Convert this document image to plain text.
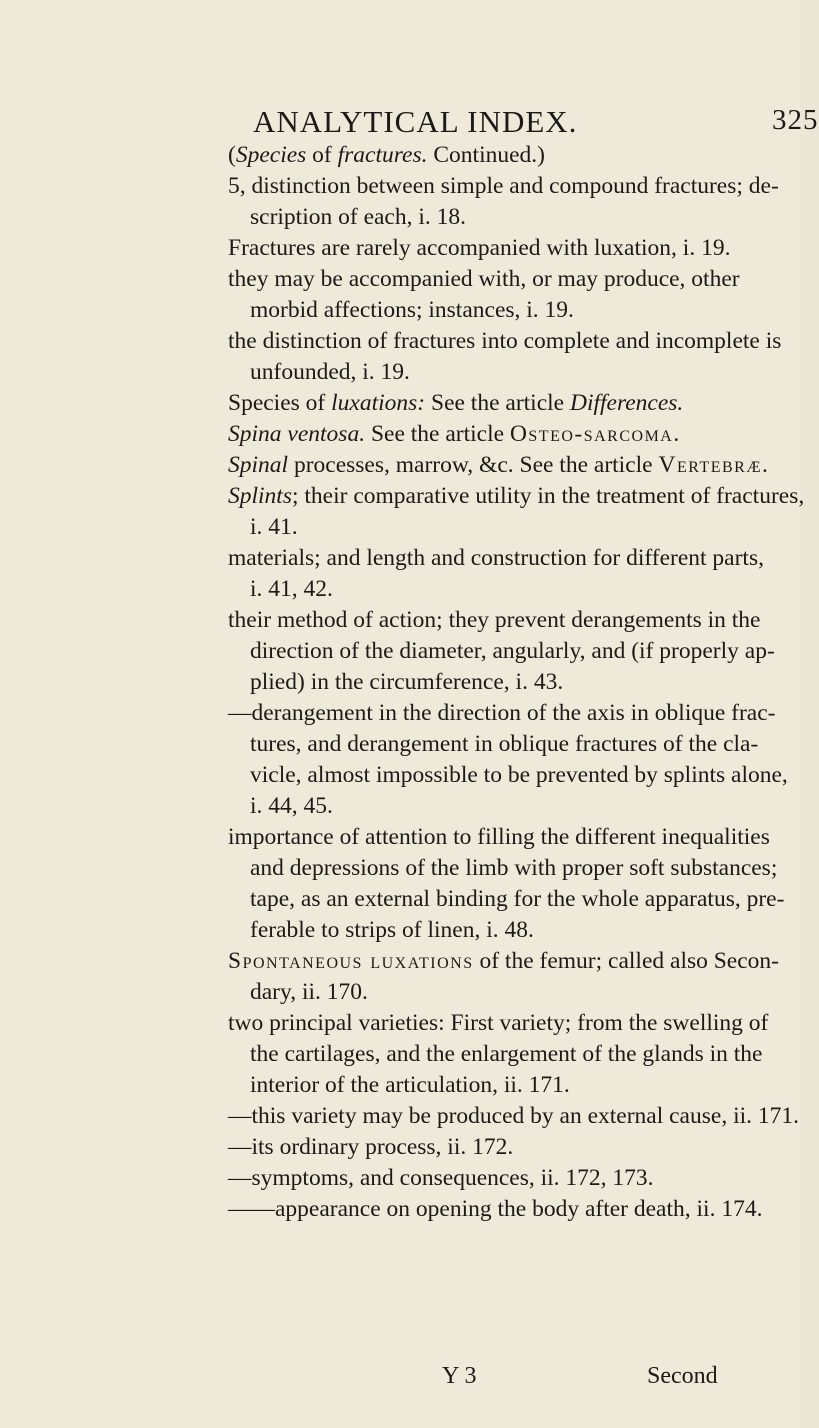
ANALYTICAL INDEX.	325
(Species of fractures. Continued.)
5, distinction between simple and compound fractures; de-
scription of each, i. 18.
Fractures are rarely accompanied with luxation, i. 19.
they may be accompanied with, or may produce, other
morbid affections; instances, i. 19.
the distinction of fractures into complete and incomplete is
unfounded, i. 19.
Species of luxations: See the article Differences.
Spina ventosa. See the article Osteo-sarcoma.
Spinal processes, marrow, &c. See the article Vertebræ.
Splints; their comparative utility in the treatment of fractures,
i. 41.
materials; and length and construction for different parts,
i. 41, 42.
their method of action; they prevent derangements in the
direction of the diameter, angularly, and (if properly ap-
plied) in the circumference, i. 43.
—derangement in the direction of the axis in oblique frac-
tures, and derangement in oblique fractures of the cla-
vicle, almost impossible to be prevented by splints alone,
i. 44, 45.
importance of attention to filling the different inequalities
and depressions of the limb with proper soft substances;
tape, as an external binding for the whole apparatus, pre-
ferable to strips of linen, i. 48.
Spontaneous luxations of the femur; called also Secon-
dary, ii. 170.
two principal varieties: First variety; from the swelling of
the cartilages, and the enlargement of the glands in the
interior of the articulation, ii. 171.
—this variety may be produced by an external cause, ii. 171.
—its ordinary process, ii. 172.
—symptoms, and consequences, ii. 172, 173.
——appearance on opening the body after death, ii. 174.
Y 3	Second
